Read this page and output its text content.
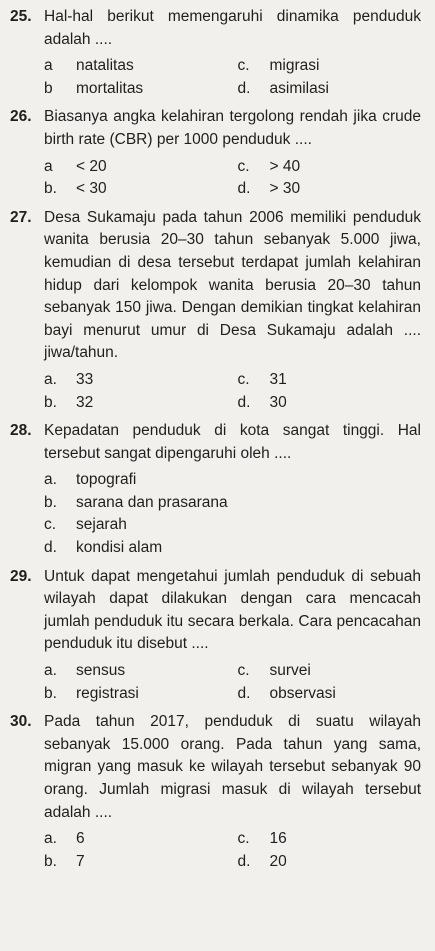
25. Hal-hal berikut memengaruhi dinamika penduduk adalah ....
a	natalitas	c.	migrasi
b	mortalitas	d.	asimilasi
26. Biasanya angka kelahiran tergolong rendah jika crude birth rate (CBR) per 1000 penduduk ....
a	< 20	c.	> 40
b.	< 30	d.	> 30
27. Desa Sukamaju pada tahun 2006 memiliki penduduk wanita berusia 20–30 tahun sebanyak 5.000 jiwa, kemudian di desa tersebut terdapat jumlah kelahiran hidup dari kelompok wanita berusia 20–30 tahun sebanyak 150 jiwa. Dengan demikian tingkat kelahiran bayi menurut umur di Desa Sukamaju adalah .... jiwa/tahun.
a.	33	c.	31
b.	32	d.	30
28. Kepadatan penduduk di kota sangat tinggi. Hal tersebut sangat dipengaruhi oleh ....
a.	topografi
b.	sarana dan prasarana
c.	sejarah
d.	kondisi alam
29. Untuk dapat mengetahui jumlah penduduk di sebuah wilayah dapat dilakukan dengan cara mencacah jumlah penduduk itu secara berkala. Cara pencacahan penduduk itu disebut ....
a.	sensus	c.	survei
b.	registrasi	d.	observasi
30. Pada tahun 2017, penduduk di suatu wilayah sebanyak 15.000 orang. Pada tahun yang sama, migran yang masuk ke wilayah tersebut sebanyak 90 orang. Jumlah migrasi masuk di wilayah tersebut adalah ....
a.	6	c.	16
b.	7	d.	20
